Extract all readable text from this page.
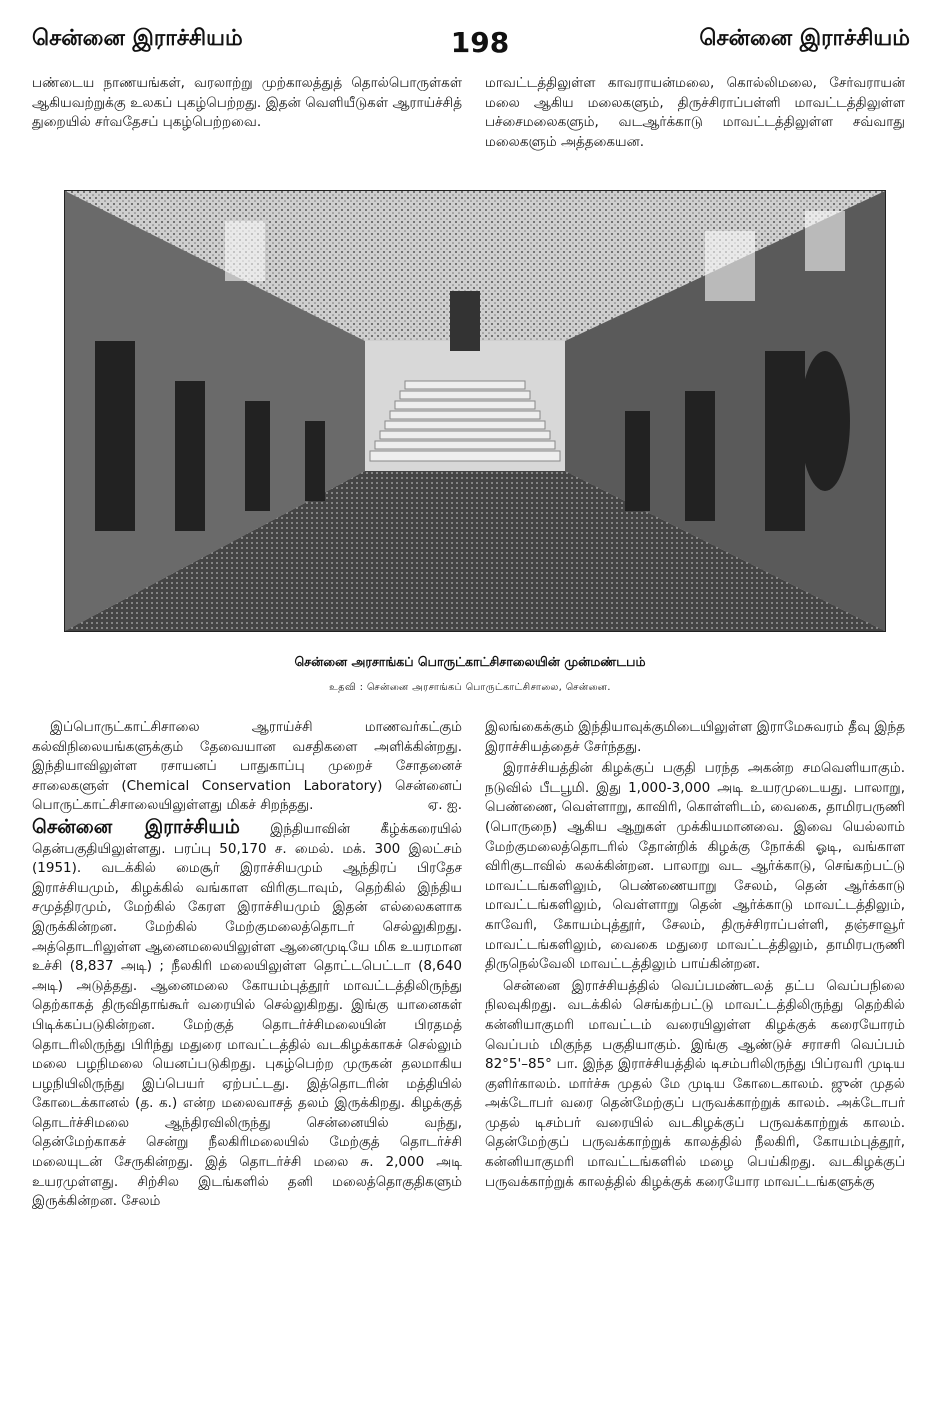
சென்னை இராச்சியம்	198	சென்னை இராச்சியம்

பண்டைய நாணயங்கள், வரலாற்று முற்காலத்துத் தொல்பொருள்கள் ஆகியவற்றுக்கு உலகப் புகழ்பெற்றது. இதன் வெளியீடுகள் ஆராய்ச்சித் துறையில் சர்வதேசப் புகழ்பெற்றவை.

மாவட்டத்திலுள்ள காவராயன்மலை, கொல்லிமலை, சேர்வராயன் மலை ஆகிய மலைகளும், திருச்சிராப்பள்ளி மாவட்டத்திலுள்ள பச்சைமலைகளும், வடஆர்க்காடு மாவட்டத்திலுள்ள சவ்வாது மலைகளும் அத்தகையன.

சென்னை அரசாங்கப் பொருட்காட்சிசாலையின் முன்மண்டபம்
உதவி : சென்னை அரசாங்கப் பொருட்காட்சிசாலை, சென்னை.

இப்பொருட்காட்சிசாலை ஆராய்ச்சி மாணவர்கட்கும் கல்விநிலையங்களுக்கும் தேவையான வசதிகளை அளிக்கின்றது. இந்தியாவிலுள்ள ரசாயனப் பாதுகாப்பு முறைச் சோதனைச் சாலைகளுள் (Chemical Conservation Laboratory) சென்னைப் பொருட்காட்சிசாலையிலுள்ளது மிகச் சிறந்தது.	ஏ. ஐ.

சென்னை இராச்சியம் இந்தியாவின் கீழ்க்கரையில் தென்பகுதியிலுள்ளது. பரப்பு 50,170 ச. மைல். மக். 300 இலட்சம் (1951). வடக்கில் மைசூர் இராச்சியமும் ஆந்திரப் பிரதேச இராச்சியமும், கிழக்கில் வங்காள விரிகுடாவும், தெற்கில் இந்திய சமுத்திரமும், மேற்கில் கேரள இராச்சியமும் இதன் எல்லைகளாக இருக்கின்றன. மேற்கில் மேற்குமலைத்தொடர் செல்லுகிறது. அத்தொடரிலுள்ள ஆனைமலையிலுள்ள ஆனைமுடியே மிக உயரமான உச்சி (8,837 அடி) ; நீலகிரி மலையிலுள்ள தொட்டபெட்டா (8,640 அடி) அடுத்தது. ஆனைமலை கோயம்புத்தூர் மாவட்டத்திலிருந்து தெற்காகத் திருவிதாங்கூர் வரையில் செல்லுகிறது. இங்கு யானைகள் பிடிக்கப்படுகின்றன. மேற்குத் தொடர்ச்சிமலையின் பிரதமத் தொடரிலிருந்து பிரிந்து மதுரை மாவட்டத்தில் வடகிழக்காகச் செல்லும் மலை பழநிமலை யெனப்படுகிறது. புகழ்பெற்ற முருகன் தலமாகிய பழநியிலிருந்து இப்பெயர் ஏற்பட்டது. இத்தொடரின் மத்தியில் கோடைக்கானல் (த. க.) என்ற மலைவாசத் தலம் இருக்கிறது. கிழக்குத் தொடர்ச்சிமலை ஆந்திரவிலிருந்து சென்னையில் வந்து, தென்மேற்காகச் சென்று நீலகிரிமலையில் மேற்குத் தொடர்ச்சி மலையுடன் சேருகின்றது. இத் தொடர்ச்சி மலை சு. 2,000 அடி உயரமுள்ளது. சிற்சில இடங்களில் தனி மலைத்தொகுதிகளும் இருக்கின்றன. சேலம்

இலங்கைக்கும் இந்தியாவுக்குமிடையிலுள்ள இராமேசுவரம் தீவு இந்த இராச்சியத்தைச் சேர்ந்தது.

இராச்சியத்தின் கிழக்குப் பகுதி பரந்த அகன்ற சமவெளியாகும். நடுவில் பீடபூமி. இது 1,000-3,000 அடி உயரமுடையது. பாலாறு, பெண்ணை, வெள்ளாறு, காவிரி, கொள்ளிடம், வைகை, தாமிரபருணி (பொருநை) ஆகிய ஆறுகள் முக்கியமானவை. இவை யெல்லாம் மேற்குமலைத்தொடரில் தோன்றிக் கிழக்கு நோக்கி ஓடி, வங்காள விரிகுடாவில் கலக்கின்றன. பாலாறு வட ஆர்க்காடு, செங்கற்பட்டு மாவட்டங்களிலும், பெண்ணையாறு சேலம், தென் ஆர்க்காடு மாவட்டங்களிலும், வெள்ளாறு தென் ஆர்க்காடு மாவட்டத்திலும், காவேரி, கோயம்புத்தூர், சேலம், திருச்சிராப்பள்ளி, தஞ்சாவூர் மாவட்டங்களிலும், வைகை மதுரை மாவட்டத்திலும், தாமிரபருணி திருநெல்வேலி மாவட்டத்திலும் பாய்கின்றன.

சென்னை இராச்சியத்தில் வெப்பமண்டலத் தட்ப வெப்பநிலை நிலவுகிறது. வடக்கில் செங்கற்பட்டு மாவட்டத்திலிருந்து தெற்கில் கன்னியாகுமரி மாவட்டம் வரையிலுள்ள கிழக்குக் கரையோரம் வெப்பம் மிகுந்த பகுதியாகும். இங்கு ஆண்டுச் சராசரி வெப்பம் 82°5'–85° பா. இந்த இராச்சியத்தில் டிசம்பரிலிருந்து பிப்ரவரி முடிய குளிர்காலம். மார்ச்சு முதல் மே முடிய கோடைகாலம். ஜுன் முதல் அக்டோபர் வரை தென்மேற்குப் பருவக்காற்றுக் காலம். அக்டோபர் முதல் டிசம்பர் வரையில் வடகிழக்குப் பருவக்காற்றுக் காலம். தென்மேற்குப் பருவக்காற்றுக் காலத்தில் நீலகிரி, கோயம்புத்தூர், கன்னியாகுமரி மாவட்டங்களில் மழை பெய்கிறது. வடகிழக்குப் பருவக்காற்றுக் காலத்தில் கிழக்குக் கரையோர மாவட்டங்களுக்கு
